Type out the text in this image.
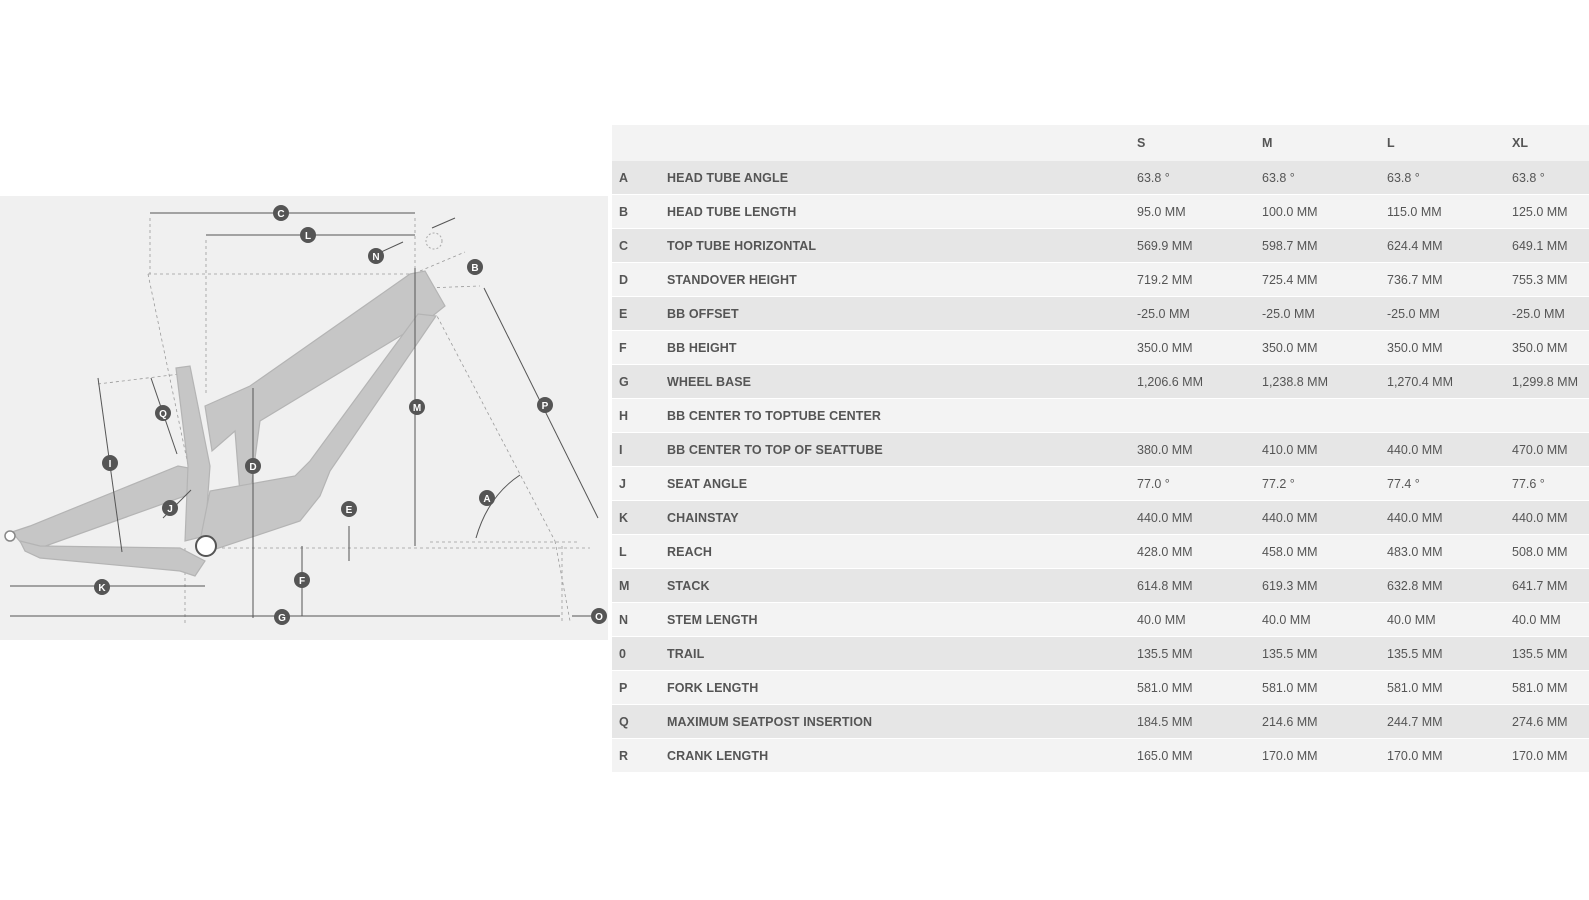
A
B
C
D
E
F
G
I
J
K
L
M
N
O
P
Q
		S	M	L	XL
A	HEAD TUBE ANGLE	63.8 °	63.8 °	63.8 °	63.8 °
B	HEAD TUBE LENGTH	95.0 MM	100.0 MM	115.0 MM	125.0 MM
C	TOP TUBE HORIZONTAL	569.9 MM	598.7 MM	624.4 MM	649.1 MM
D	STANDOVER HEIGHT	719.2 MM	725.4 MM	736.7 MM	755.3 MM
E	BB OFFSET	-25.0 MM	-25.0 MM	-25.0 MM	-25.0 MM
F	BB HEIGHT	350.0 MM	350.0 MM	350.0 MM	350.0 MM
G	WHEEL BASE	1,206.6 MM	1,238.8 MM	1,270.4 MM	1,299.8 MM
H	BB CENTER TO TOPTUBE CENTER				
I	BB CENTER TO TOP OF SEATTUBE	380.0 MM	410.0 MM	440.0 MM	470.0 MM
J	SEAT ANGLE	77.0 °	77.2 °	77.4 °	77.6 °
K	CHAINSTAY	440.0 MM	440.0 MM	440.0 MM	440.0 MM
L	REACH	428.0 MM	458.0 MM	483.0 MM	508.0 MM
M	STACK	614.8 MM	619.3 MM	632.8 MM	641.7 MM
N	STEM LENGTH	40.0 MM	40.0 MM	40.0 MM	40.0 MM
0	TRAIL	135.5 MM	135.5 MM	135.5 MM	135.5 MM
P	FORK LENGTH	581.0 MM	581.0 MM	581.0 MM	581.0 MM
Q	MAXIMUM SEATPOST INSERTION	184.5 MM	214.6 MM	244.7 MM	274.6 MM
R	CRANK LENGTH	165.0 MM	170.0 MM	170.0 MM	170.0 MM
